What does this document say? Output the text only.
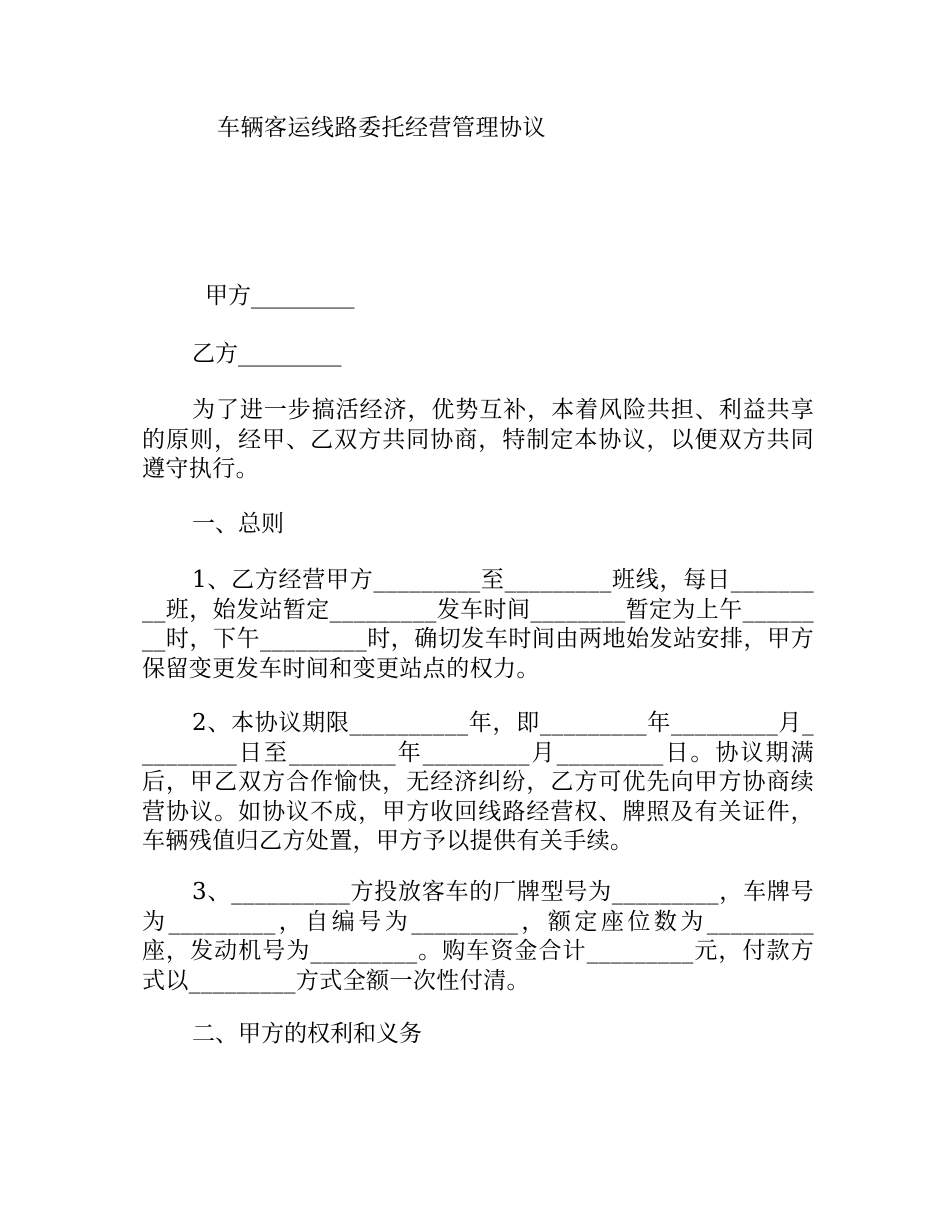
车辆客运线路委托经营管理协议
甲方_________
乙方_________
为了进一步搞活经济，优势互补，本着风险共担、利益共享的原则，经甲、乙双方共同协商，特制定本协议，以便双方共同遵守执行。
一、总则
1、乙方经营甲方_________至_________班线，每日_________班，始发站暂定_________发车时间________暂定为上午________时，下午_________时，确切发车时间由两地始发站安排，甲方保留变更发车时间和变更站点的权力。
2、本协议期限__________年，即_________年_________月_________日至_________年_________月_________日。协议期满后，甲乙双方合作愉快，无经济纠纷，乙方可优先向甲方协商续营协议。如协议不成，甲方收回线路经营权、牌照及有关证件，车辆残值归乙方处置，甲方予以提供有关手续。
3、__________方投放客车的厂牌型号为_________，车牌号为_________，自编号为_________，额定座位数为_________座，发动机号为_________。购车资金合计_________元，付款方式以_________方式全额一次性付清。
二、甲方的权利和义务
